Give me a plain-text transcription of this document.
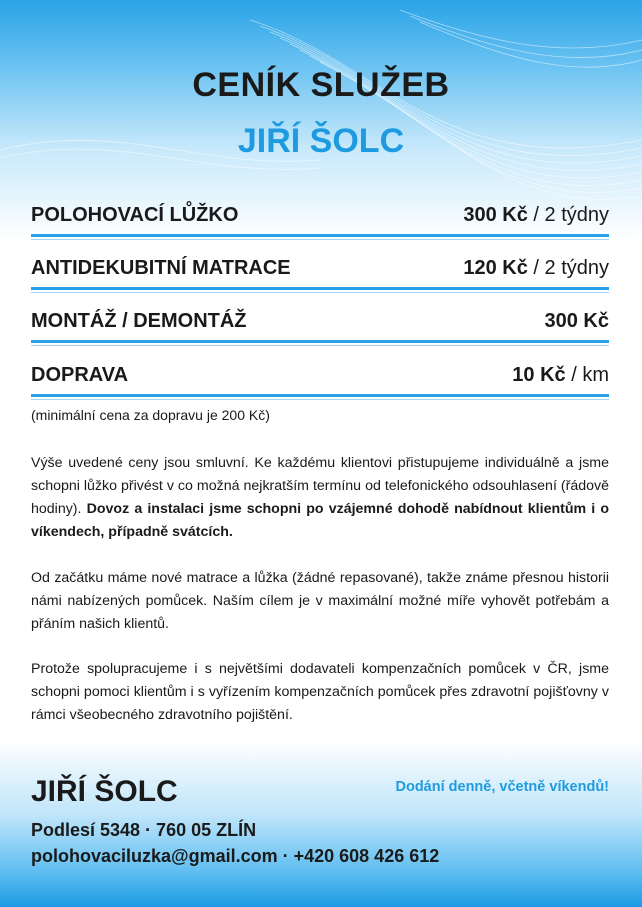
CENÍK SLUŽEB
JIŘÍ ŠOLC
POLOHOVACÍ LŮŽKO	300 Kč / 2 týdny
ANTIDEKUBITNÍ MATRACE	120 Kč / 2 týdny
MONTÁŽ / DEMONTÁŽ	300 Kč
DOPRAVA	10 Kč / km
(minimální cena za dopravu je 200 Kč)
Výše uvedené ceny jsou smluvní. Ke každému klientovi přistupujeme individuálně a jsme schopni lůžko přivést v co možná nejkratším termínu od telefonického odsouhlasení (řádově hodiny). Dovoz a instalaci jsme schopni po vzájemné dohodě nabídnout klientům i o víkendech, případně svátcích.
Od začátku máme nové matrace a lůžka (žádné repasované), takže známe přesnou historii námi nabízených pomůcek. Naším cílem je v maximální možné míře vyhovět potřebám a přáním našich klientů.
Protože spolupracujeme i s největšími dodavateli kompenzačních pomůcek v ČR, jsme schopni pomoci klientům i s vyřízením kompenzačních pomůcek přes zdravotní pojišťovny v rámci všeobecného zdravotního pojištění.
JIŘÍ ŠOLC	Dodání denně, včetně víkendů!
Podlesí 5348 · 760 05 ZLÍN
polohovaciluzka@gmail.com · +420 608 426 612
